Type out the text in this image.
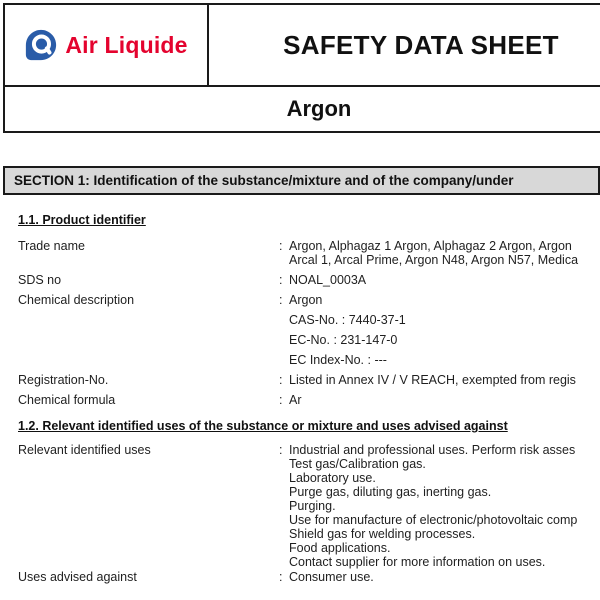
Air Liquide	SAFETY DATA SHEET
Argon
SECTION 1: Identification of the substance/mixture and of the company/under
1.1. Product identifier
Trade name	: Argon, Alphagaz 1 Argon, Alphagaz 2 Argon, Argon
Arcal 1, Arcal Prime, Argon N48, Argon N57, Medica
SDS no	: NOAL_0003A
Chemical description	: Argon
CAS-No. : 7440-37-1
EC-No. : 231-147-0
EC Index-No. : ---
Registration-No.	: Listed in Annex IV / V REACH, exempted from regis
Chemical formula	: Ar
1.2. Relevant identified uses of the substance or mixture and uses advised against
Relevant identified uses	: Industrial and professional uses. Perform risk asses
Test gas/Calibration gas.
Laboratory use.
Purge gas, diluting gas, inerting gas.
Purging.
Use for manufacture of electronic/photovoltaic comp
Shield gas for welding processes.
Food applications.
Contact supplier for more information on uses.
Uses advised against	: Consumer use.
